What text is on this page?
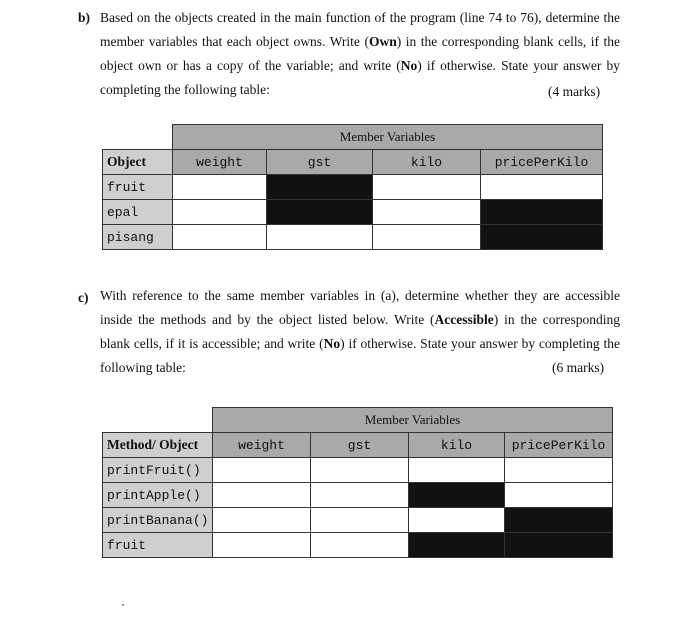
b) Based on the objects created in the main function of the program (line 74 to 76), determine the member variables that each object owns. Write (Own) in the corresponding blank cells, if the object own or has a copy of the variable; and write (No) if otherwise. State your answer by completing the following table:	(4 marks)
	Member Variables			
Object	weight	gst	kilo	pricePerKilo
fruit				
epal				
pisang				
c) With reference to the same member variables in (a), determine whether they are accessible inside the methods and by the object listed below. Write (Accessible) in the corresponding blank cells, if it is accessible; and write (No) if otherwise. State your answer by completing the following table:	(6 marks)
	Member Variables			
Method/ Object	weight	gst	kilo	pricePerKilo
printFruit()				
printApple()				
printBanana()				
fruit				
